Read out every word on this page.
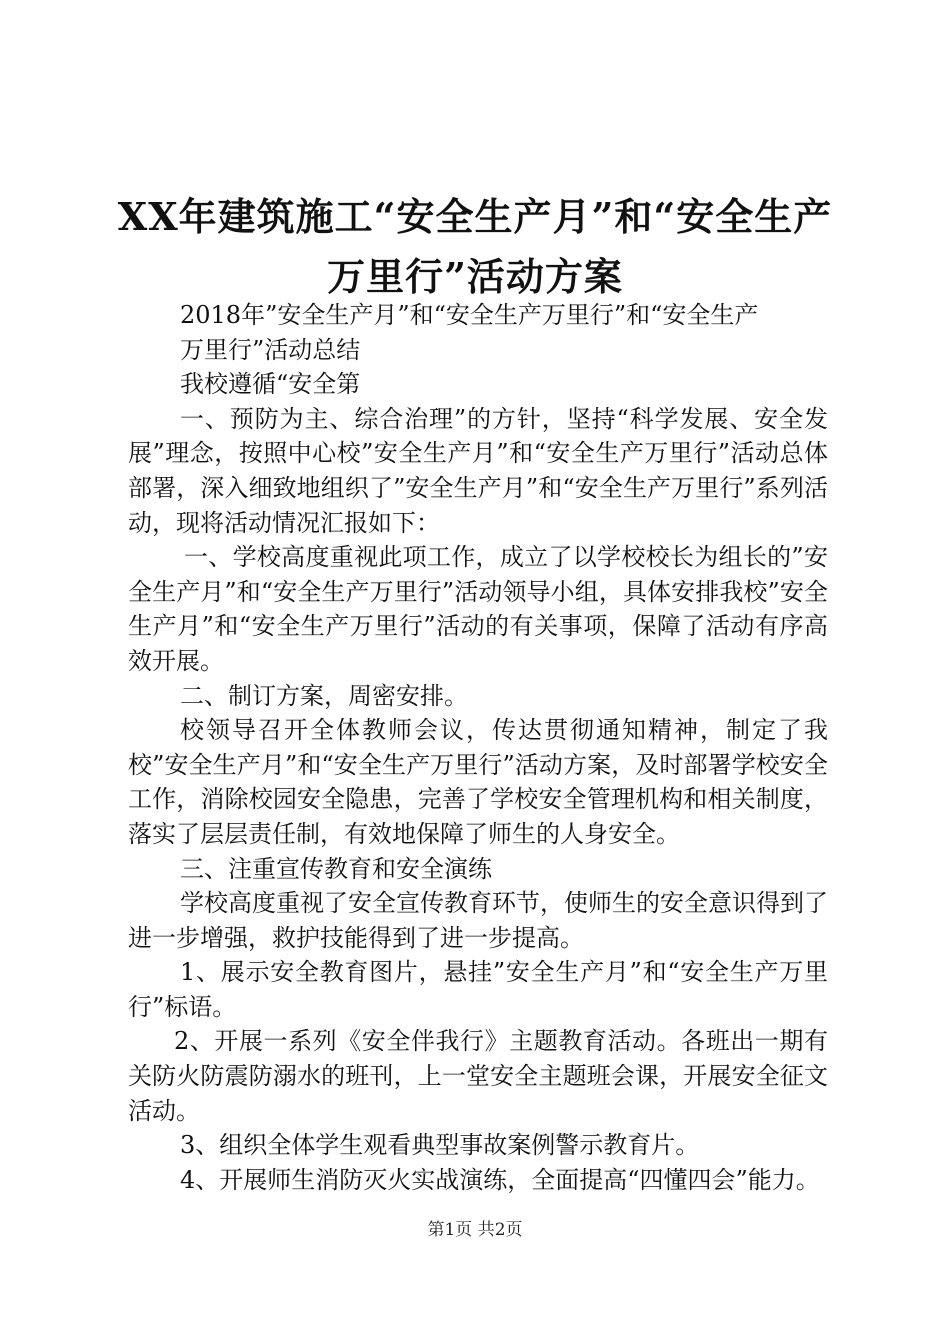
XX年建筑施工“安全生产月”和“安全生产
万里行”活动方案

2018年”安全生产月”和“安全生产万里行”和“安全生产

万里行”活动总结

我校遵循“安全第

一、预防为主、综合治理”的方针，坚持“科学发展、安全发展”理念，按照中心校”安全生产月”和“安全生产万里行”活动总体部署，深入细致地组织了”安全生产月”和“安全生产万里行”系列活动，现将活动情况汇报如下：

一、学校高度重视此项工作，成立了以学校校长为组长的”安全生产月”和“安全生产万里行”活动领导小组，具体安排我校”安全生产月”和“安全生产万里行”活动的有关事项，保障了活动有序高效开展。

二、制订方案，周密安排。

校领导召开全体教师会议，传达贯彻通知精神，制定了我校”安全生产月”和“安全生产万里行”活动方案，及时部署学校安全工作，消除校园安全隐患，完善了学校安全管理机构和相关制度，落实了层层责任制，有效地保障了师生的人身安全。

三、注重宣传教育和安全演练

学校高度重视了安全宣传教育环节，使师生的安全意识得到了进一步增强，救护技能得到了进一步提高。

1、展示安全教育图片，悬挂”安全生产月”和“安全生产万里行”标语。

2、开展一系列《安全伴我行》主题教育活动。各班出一期有关防火防震防溺水的班刊，上一堂安全主题班会课，开展安全征文活动。

3、组织全体学生观看典型事故案例警示教育片。

4、开展师生消防灭火实战演练，全面提高“四懂四会”能力。

第1页 共2页
